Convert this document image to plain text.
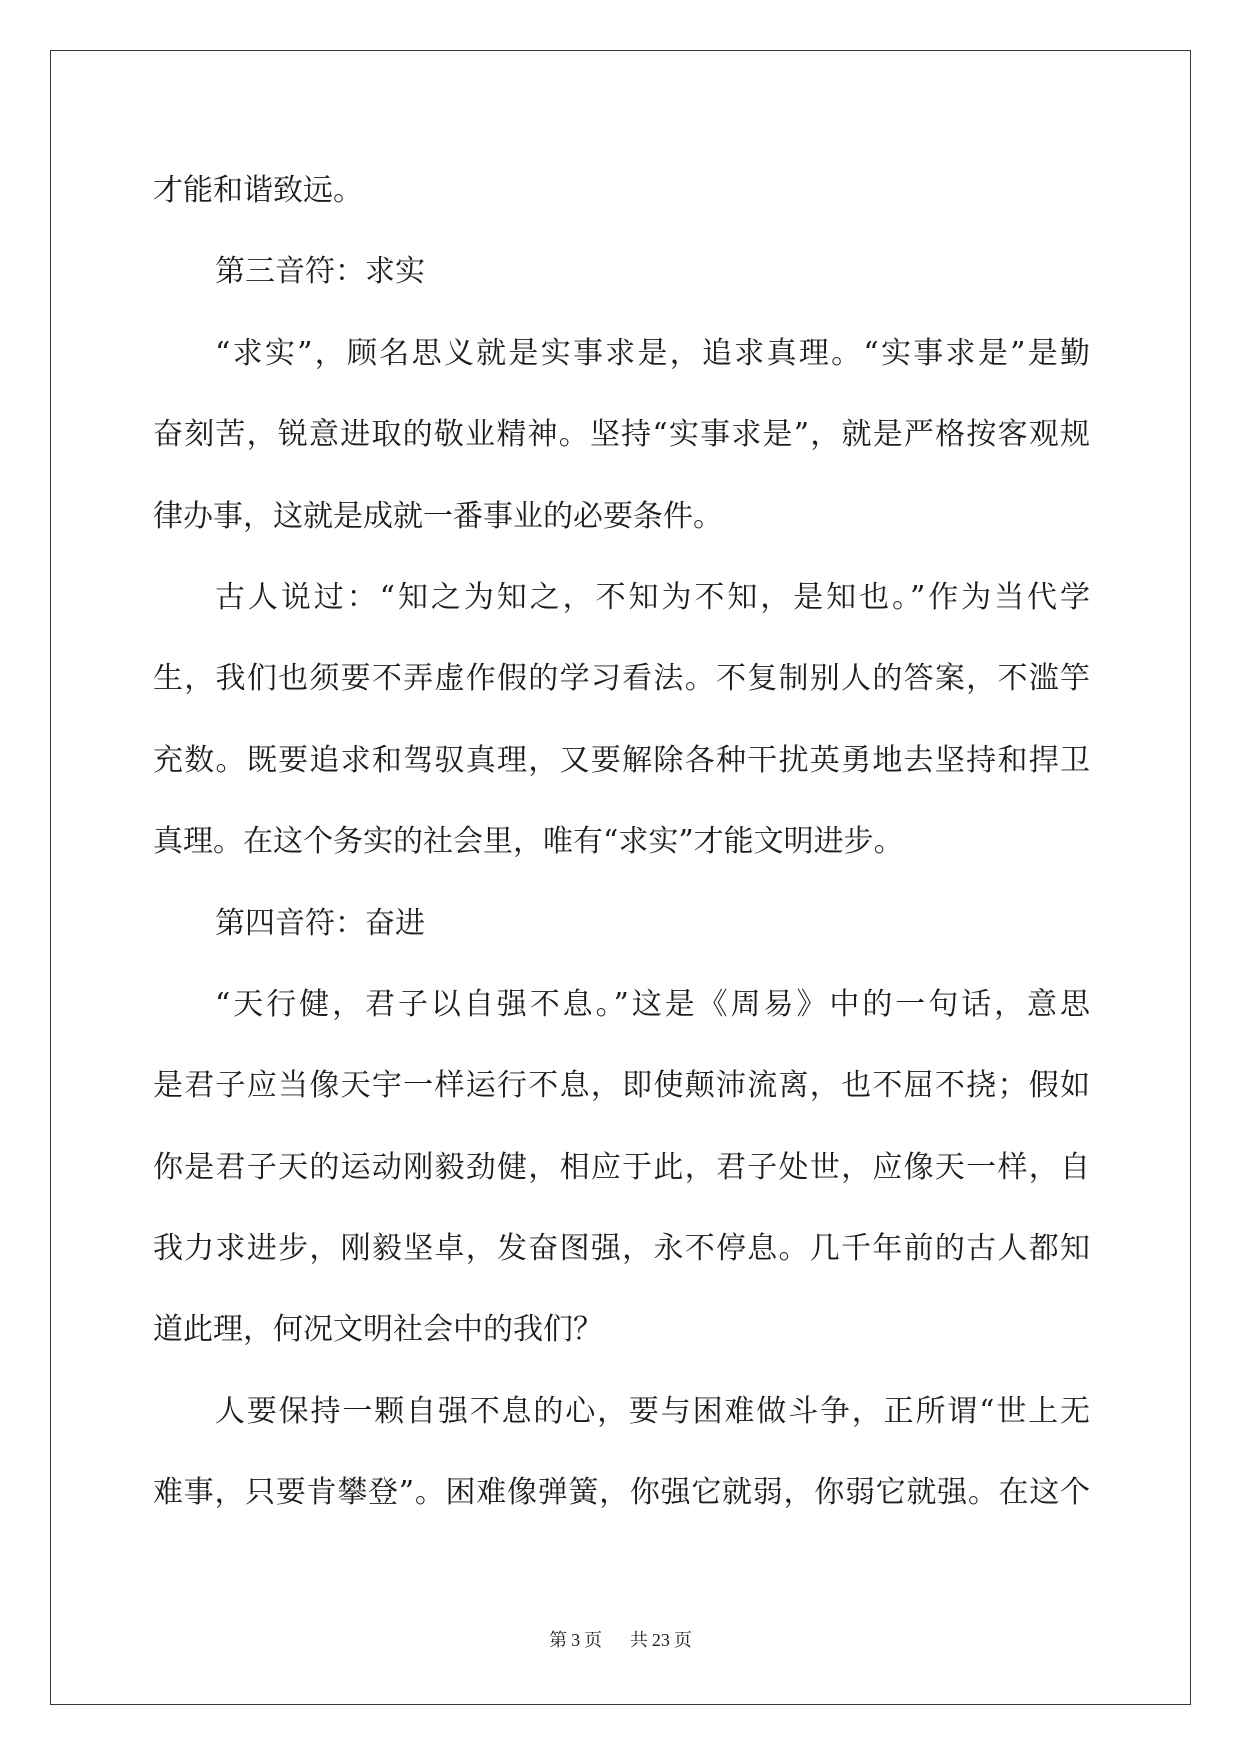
才能和谐致远。
第三音符：求实
“求实”，顾名思义就是实事求是，追求真理。“实事求是”是勤
奋刻苦，锐意进取的敬业精神。坚持“实事求是”，就是严格按客观规
律办事，这就是成就一番事业的必要条件。
古人说过：“知之为知之，不知为不知，是知也。”作为当代学
生，我们也须要不弄虚作假的学习看法。不复制别人的答案，不滥竽
充数。既要追求和驾驭真理，又要解除各种干扰英勇地去坚持和捍卫
真理。在这个务实的社会里，唯有“求实”才能文明进步。
第四音符：奋进
“天行健，君子以自强不息。”这是《周易》中的一句话，意思
是君子应当像天宇一样运行不息，即使颠沛流离，也不屈不挠；假如
你是君子天的运动刚毅劲健，相应于此，君子处世，应像天一样，自
我力求进步，刚毅坚卓，发奋图强，永不停息。几千年前的古人都知
道此理，何况文明社会中的我们？
人要保持一颗自强不息的心，要与困难做斗争，正所谓“世上无
难事，只要肯攀登”。困难像弹簧，你强它就弱，你弱它就强。在这个
第 3 页 共 23 页
